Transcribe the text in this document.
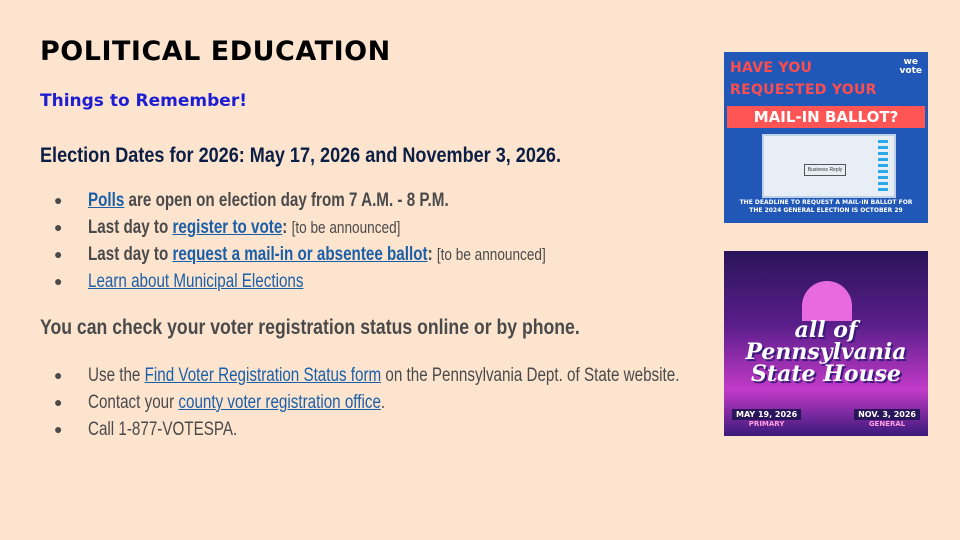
POLITICAL EDUCATION
Things to Remember!
Election Dates for 2026: May 17, 2026 and November 3, 2026.
● Polls are open on election day from 7 A.M. - 8 P.M.
● Last day to register to vote: [to be announced]
● Last day to request a mail-in or absentee ballot: [to be announced]
● Learn about Municipal Elections
You can check your voter registration status online or by phone.
● Use the Find Voter Registration Status form on the Pennsylvania Dept. of State website.
● Contact your county voter registration office.
● Call 1-877-VOTESPA.
we
vote
HAVE YOU
REQUESTED YOUR
MAIL-IN BALLOT?
Business Reply
THE DEADLINE TO REQUEST A MAIL-IN BALLOT FOR THE 2024 GENERAL ELECTION IS OCTOBER 29
all of
Pennsylvania
State House
MAY 19, 2026
PRIMARY
NOV. 3, 2026
GENERAL
